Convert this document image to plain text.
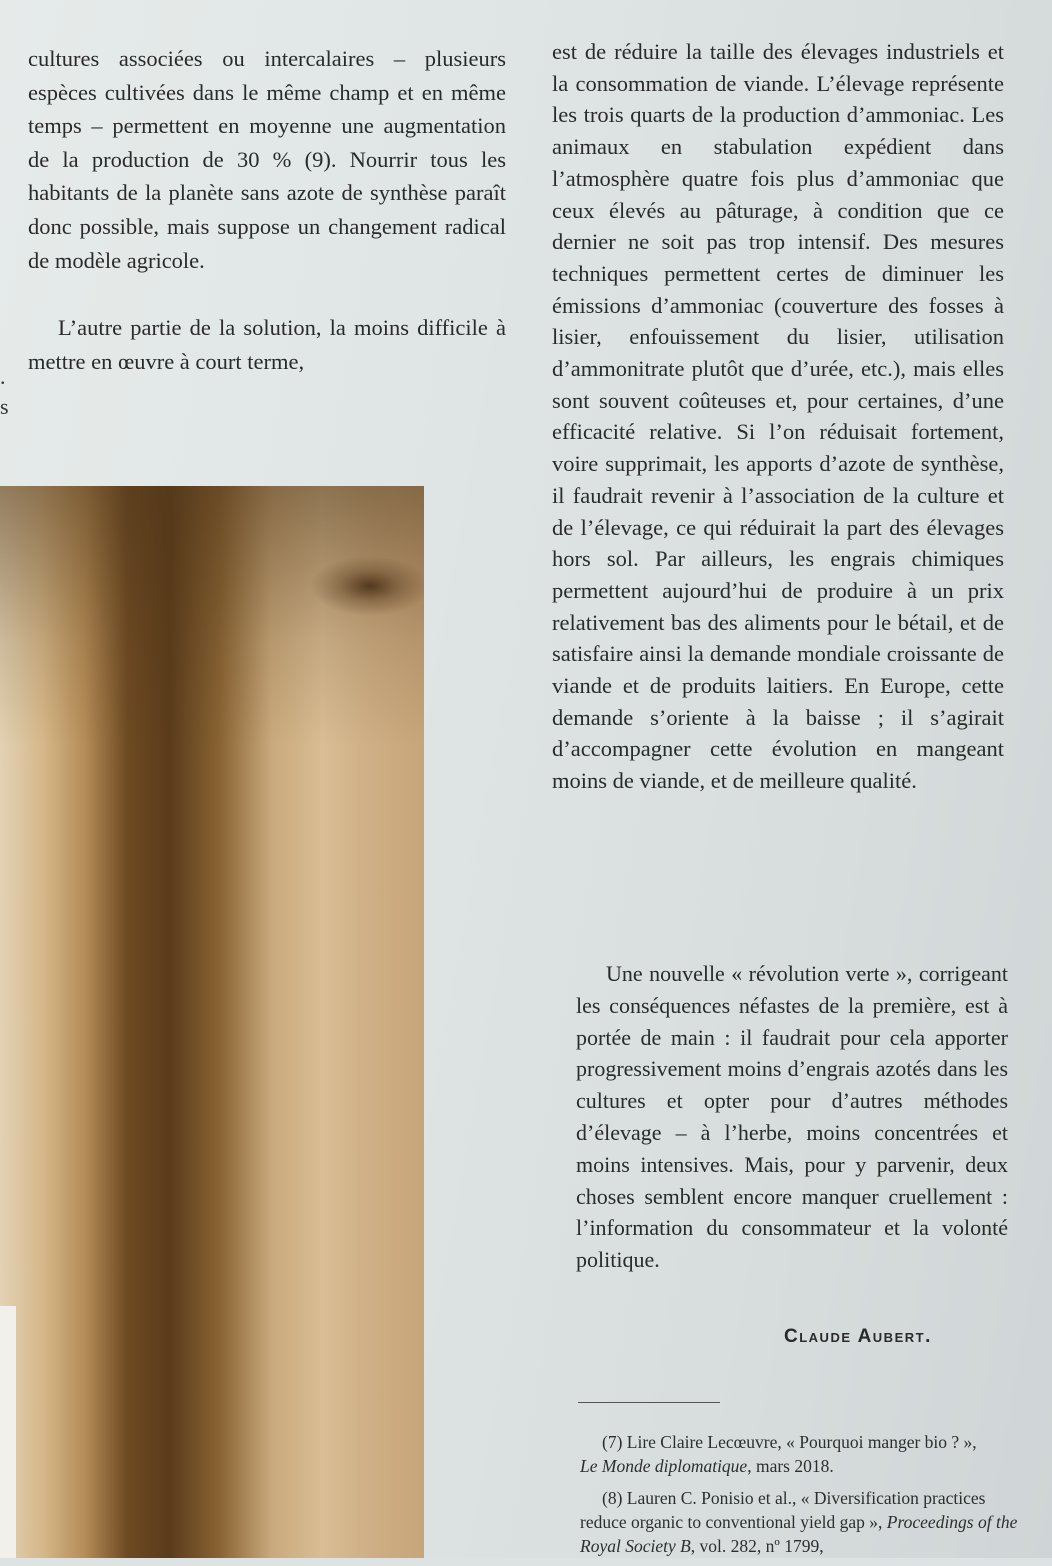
.
s

cultures associées ou intercalaires – plusieurs espèces cultivées dans le même champ et en même temps – permettent en moyenne une augmentation de la production de 30 % (9). Nourrir tous les habitants de la planète sans azote de synthèse paraît donc possible, mais suppose un changement radical de modèle agricole.

L’autre partie de la solution, la moins difficile à mettre en œuvre à court terme,

est de réduire la taille des élevages industriels et la consommation de viande. L’élevage représente les trois quarts de la production d’ammoniac. Les animaux en stabulation expédient dans l’atmosphère quatre fois plus d’ammoniac que ceux élevés au pâturage, à condition que ce dernier ne soit pas trop intensif. Des mesures techniques permettent certes de diminuer les émissions d’ammoniac (couverture des fosses à lisier, enfouissement du lisier, utilisation d’ammonitrate plutôt que d’urée, etc.), mais elles sont souvent coûteuses et, pour certaines, d’une efficacité relative. Si l’on réduisait fortement, voire supprimait, les apports d’azote de synthèse, il faudrait revenir à l’association de la culture et de l’élevage, ce qui réduirait la part des élevages hors sol. Par ailleurs, les engrais chimiques permettent aujourd’hui de produire à un prix relativement bas des aliments pour le bétail, et de satisfaire ainsi la demande mondiale croissante de viande et de produits laitiers. En Europe, cette demande s’oriente à la baisse ; il s’agirait d’accompagner cette évolution en mangeant moins de viande, et de meilleure qualité.

Une nouvelle « révolution verte », corrigeant les conséquences néfastes de la première, est à portée de main : il faudrait pour cela apporter progressivement moins d’engrais azotés dans les cultures et opter pour d’autres méthodes d’élevage – à l’herbe, moins concentrées et moins intensives. Mais, pour y parvenir, deux choses semblent encore manquer cruellement : l’information du consommateur et la volonté politique.

Claude Aubert.

(7) Lire Claire Lecœuvre, « Pourquoi manger bio ? »,
Le Monde diplomatique, mars 2018.

(8) Lauren C. Ponisio et al., « Diversification practices reduce organic to conventional yield gap », Proceedings of the Royal Society B, vol. 282, nº 1799,
